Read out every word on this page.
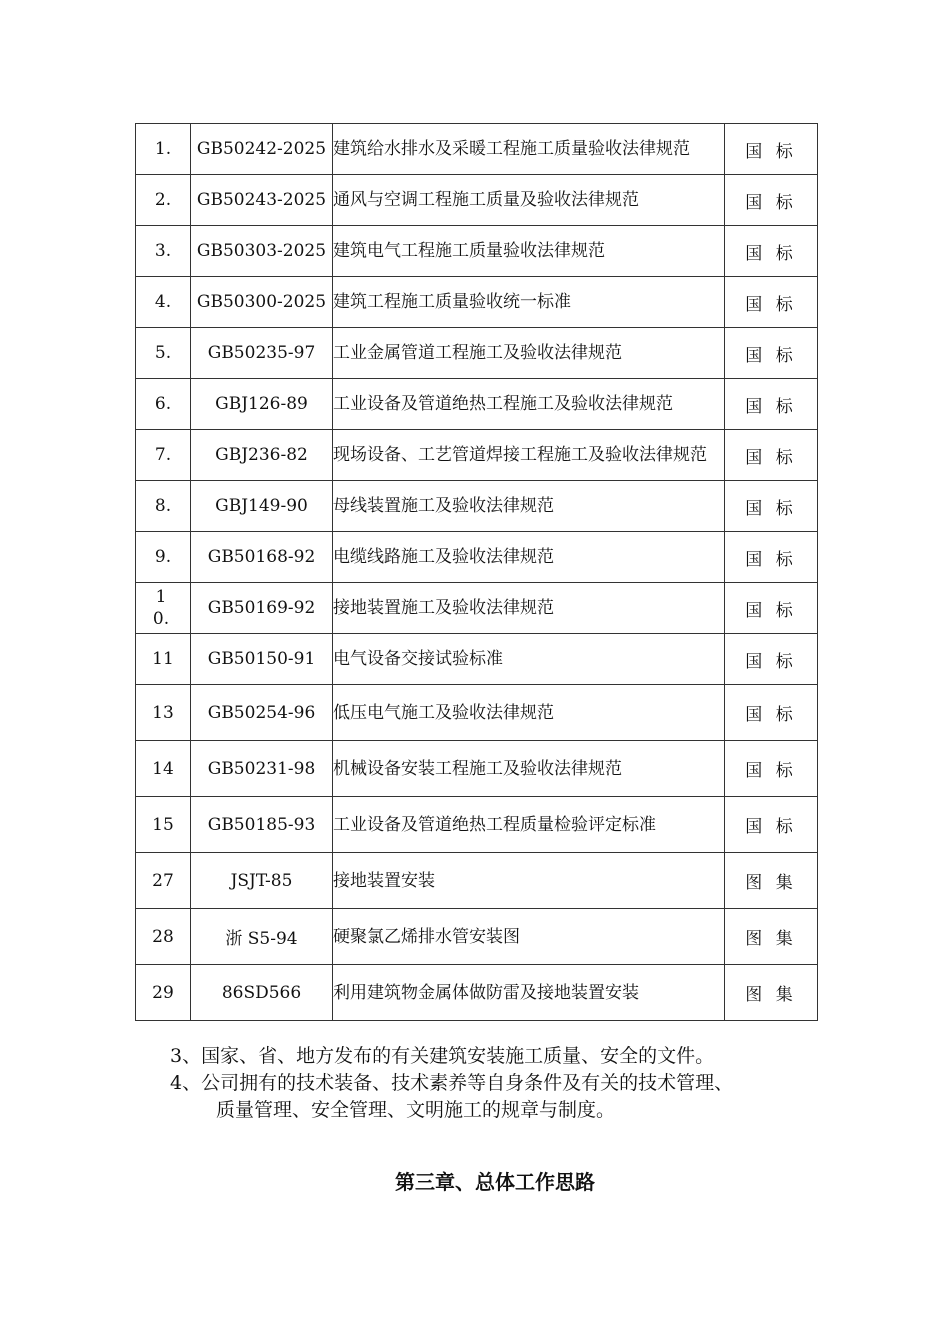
1.	GB50242-2025	建筑给水排水及采暖工程施工质量验收法律规范	国 标
2.	GB50243-2025	通风与空调工程施工质量及验收法律规范	国 标
3.	GB50303-2025	建筑电气工程施工质量验收法律规范	国 标
4.	GB50300-2025	建筑工程施工质量验收统一标准	国 标
5.	GB50235-97	工业金属管道工程施工及验收法律规范	国 标
6.	GBJ126-89	工业设备及管道绝热工程施工及验收法律规范	国 标
7.	GBJ236-82	现场设备、工艺管道焊接工程施工及验收法律规范	国 标
8.	GBJ149-90	母线装置施工及验收法律规范	国 标
9.	GB50168-92	电缆线路施工及验收法律规范	国 标
10.	GB50169-92	接地装置施工及验收法律规范	国 标
11	GB50150-91	电气设备交接试验标准	国 标
13	GB50254-96	低压电气施工及验收法律规范	国 标
14	GB50231-98	机械设备安装工程施工及验收法律规范	国 标
15	GB50185-93	工业设备及管道绝热工程质量检验评定标准	国 标
27	JSJT-85	接地装置安装	图 集
28	浙 S5-94	硬聚氯乙烯排水管安装图	图 集
29	86SD566	利用建筑物金属体做防雷及接地装置安装	图 集
3、国家、省、地方发布的有关建筑安装施工质量、安全的文件。
4、公司拥有的技术装备、技术素养等自身条件及有关的技术管理、
质量管理、安全管理、文明施工的规章与制度。
第三章、总体工作思路
